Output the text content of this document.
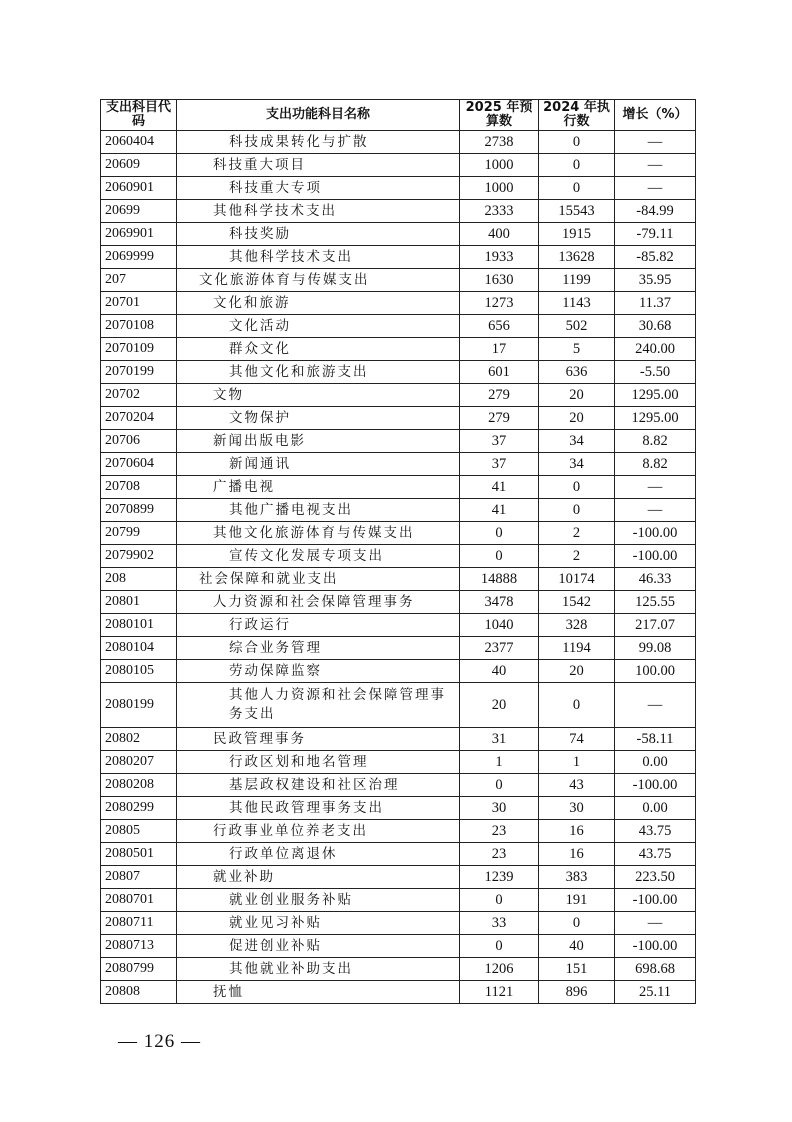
支出科目代码	支出功能科目名称	2025 年预算数	2024 年执行数	增长（%）
2060404	科技成果转化与扩散	2738	0	—
20609	科技重大项目	1000	0	—
2060901	科技重大专项	1000	0	—
20699	其他科学技术支出	2333	15543	-84.99
2069901	科技奖励	400	1915	-79.11
2069999	其他科学技术支出	1933	13628	-85.82
207	文化旅游体育与传媒支出	1630	1199	35.95
20701	文化和旅游	1273	1143	11.37
2070108	文化活动	656	502	30.68
2070109	群众文化	17	5	240.00
2070199	其他文化和旅游支出	601	636	-5.50
20702	文物	279	20	1295.00
2070204	文物保护	279	20	1295.00
20706	新闻出版电影	37	34	8.82
2070604	新闻通讯	37	34	8.82
20708	广播电视	41	0	—
2070899	其他广播电视支出	41	0	—
20799	其他文化旅游体育与传媒支出	0	2	-100.00
2079902	宣传文化发展专项支出	0	2	-100.00
208	社会保障和就业支出	14888	10174	46.33
20801	人力资源和社会保障管理事务	3478	1542	125.55
2080101	行政运行	1040	328	217.07
2080104	综合业务管理	2377	1194	99.08
2080105	劳动保障监察	40	20	100.00
2080199	其他人力资源和社会保障管理事务支出	20	0	—
20802	民政管理事务	31	74	-58.11
2080207	行政区划和地名管理	1	1	0.00
2080208	基层政权建设和社区治理	0	43	-100.00
2080299	其他民政管理事务支出	30	30	0.00
20805	行政事业单位养老支出	23	16	43.75
2080501	行政单位离退休	23	16	43.75
20807	就业补助	1239	383	223.50
2080701	就业创业服务补贴	0	191	-100.00
2080711	就业见习补贴	33	0	—
2080713	促进创业补贴	0	40	-100.00
2080799	其他就业补助支出	1206	151	698.68
20808	抚恤	1121	896	25.11
— 126 —
